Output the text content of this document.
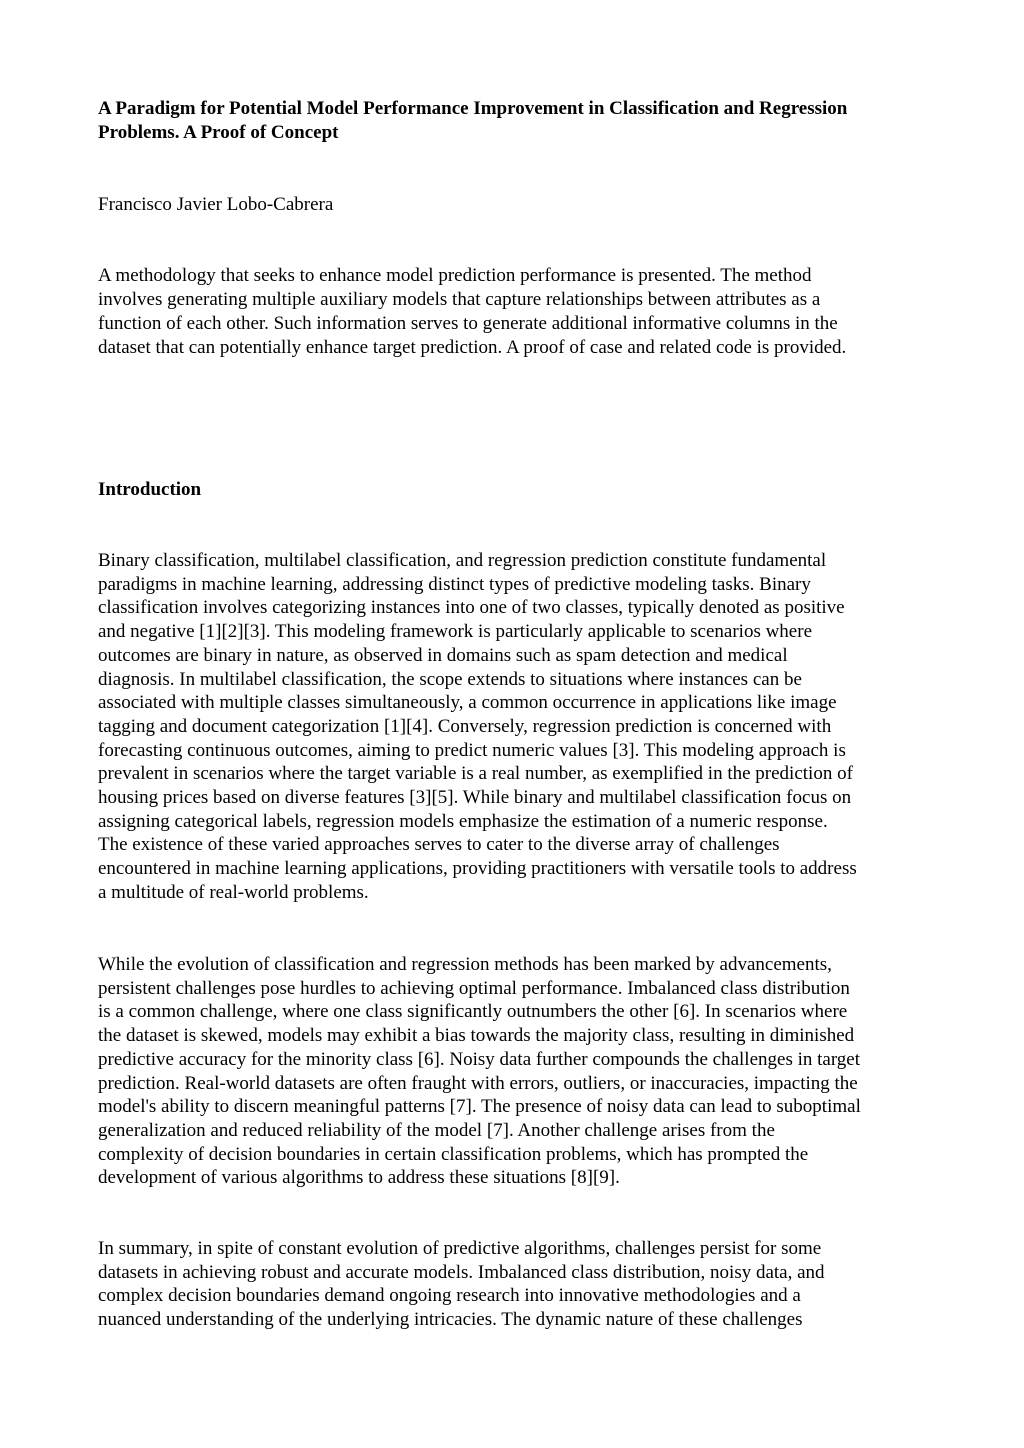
A Paradigm for Potential Model Performance Improvement in Classification and Regression
Problems. A Proof of Concept

Francisco Javier Lobo-Cabrera

A methodology that seeks to enhance model prediction performance is presented. The method
involves generating multiple auxiliary models that capture relationships between attributes as a
function of each other. Such information serves to generate additional informative columns in the
dataset that can potentially enhance target prediction. A proof of case and related code is provided.
Introduction
Binary classification, multilabel classification, and regression prediction constitute fundamental
paradigms in machine learning, addressing distinct types of predictive modeling tasks. Binary
classification involves categorizing instances into one of two classes, typically denoted as positive
and negative [1][2][3]. This modeling framework is particularly applicable to scenarios where
outcomes are binary in nature, as observed in domains such as spam detection and medical
diagnosis. In multilabel classification, the scope extends to situations where instances can be
associated with multiple classes simultaneously, a common occurrence in applications like image
tagging and document categorization [1][4]. Conversely, regression prediction is concerned with
forecasting continuous outcomes, aiming to predict numeric values [3]. This modeling approach is
prevalent in scenarios where the target variable is a real number, as exemplified in the prediction of
housing prices based on diverse features [3][5]. While binary and multilabel classification focus on
assigning categorical labels, regression models emphasize the estimation of a numeric response.
The existence of these varied approaches serves to cater to the diverse array of challenges
encountered in machine learning applications, providing practitioners with versatile tools to address
a multitude of real-world problems.
While the evolution of classification and regression methods has been marked by advancements,
persistent challenges pose hurdles to achieving optimal performance. Imbalanced class distribution
is a common challenge, where one class significantly outnumbers the other [6]. In scenarios where
the dataset is skewed, models may exhibit a bias towards the majority class, resulting in diminished
predictive accuracy for the minority class [6]. Noisy data further compounds the challenges in target
prediction. Real-world datasets are often fraught with errors, outliers, or inaccuracies, impacting the
model's ability to discern meaningful patterns [7]. The presence of noisy data can lead to suboptimal
generalization and reduced reliability of the model [7]. Another challenge arises from the
complexity of decision boundaries in certain classification problems, which has prompted the
development of various algorithms to address these situations [8][9].
In summary, in spite of constant evolution of predictive algorithms, challenges persist for some
datasets in achieving robust and accurate models. Imbalanced class distribution, noisy data, and
complex decision boundaries demand ongoing research into innovative methodologies and a
nuanced understanding of the underlying intricacies. The dynamic nature of these challenges
